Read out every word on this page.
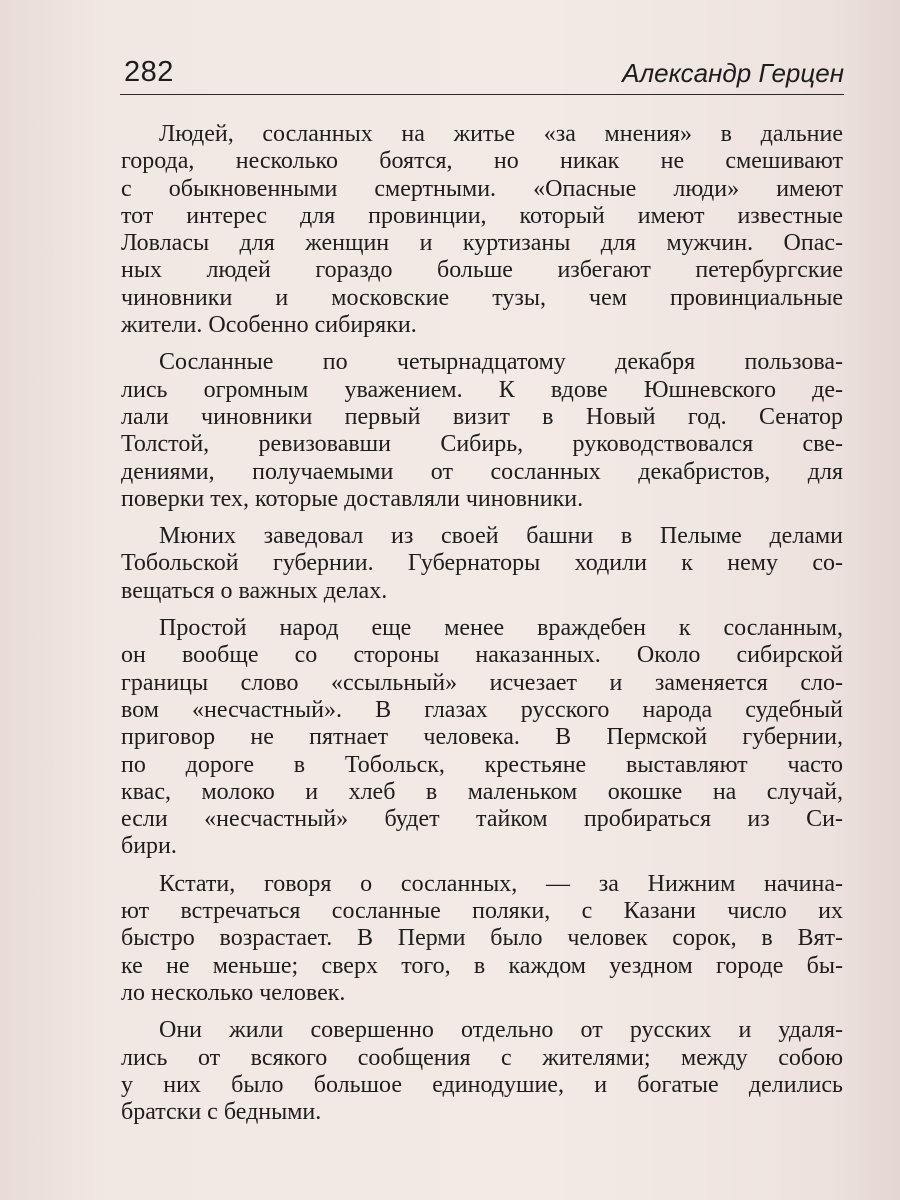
282	Александр Герцен
Людей, сосланных на житье «за мнения» в дальние
города, несколько боятся, но никак не смешивают
с обыкновенными смертными. «Опасные люди» имеют
тот интерес для провинции, который имеют известные
Ловласы для женщин и куртизаны для мужчин. Опас-
ных людей гораздо больше избегают петербургские
чиновники и московские тузы, чем провинциальные
жители. Особенно сибиряки.
Сосланные по четырнадцатому декабря пользова-
лись огромным уважением. К вдове Юшневского де-
лали чиновники первый визит в Новый год. Сенатор
Толстой, ревизовавши Сибирь, руководствовался све-
дениями, получаемыми от сосланных декабристов, для
поверки тех, которые доставляли чиновники.
Мюних заведовал из своей башни в Пелыме делами
Тобольской губернии. Губернаторы ходили к нему со-
вещаться о важных делах.
Простой народ еще менее враждебен к сосланным,
он вообще со стороны наказанных. Около сибирской
границы слово «ссыльный» исчезает и заменяется сло-
вом «несчастный». В глазах русского народа судебный
приговор не пятнает человека. В Пермской губернии,
по дороге в Тобольск, крестьяне выставляют часто
квас, молоко и хлеб в маленьком окошке на случай,
если «несчастный» будет тайком пробираться из Си-
бири.
Кстати, говоря о сосланных, — за Нижним начина-
ют встречаться сосланные поляки, с Казани число их
быстро возрастает. В Перми было человек сорок, в Вят-
ке не меньше; сверх того, в каждом уездном городе бы-
ло несколько человек.
Они жили совершенно отдельно от русских и удаля-
лись от всякого сообщения с жителями; между собою
у них было большое единодушие, и богатые делились
братски с бедными.
